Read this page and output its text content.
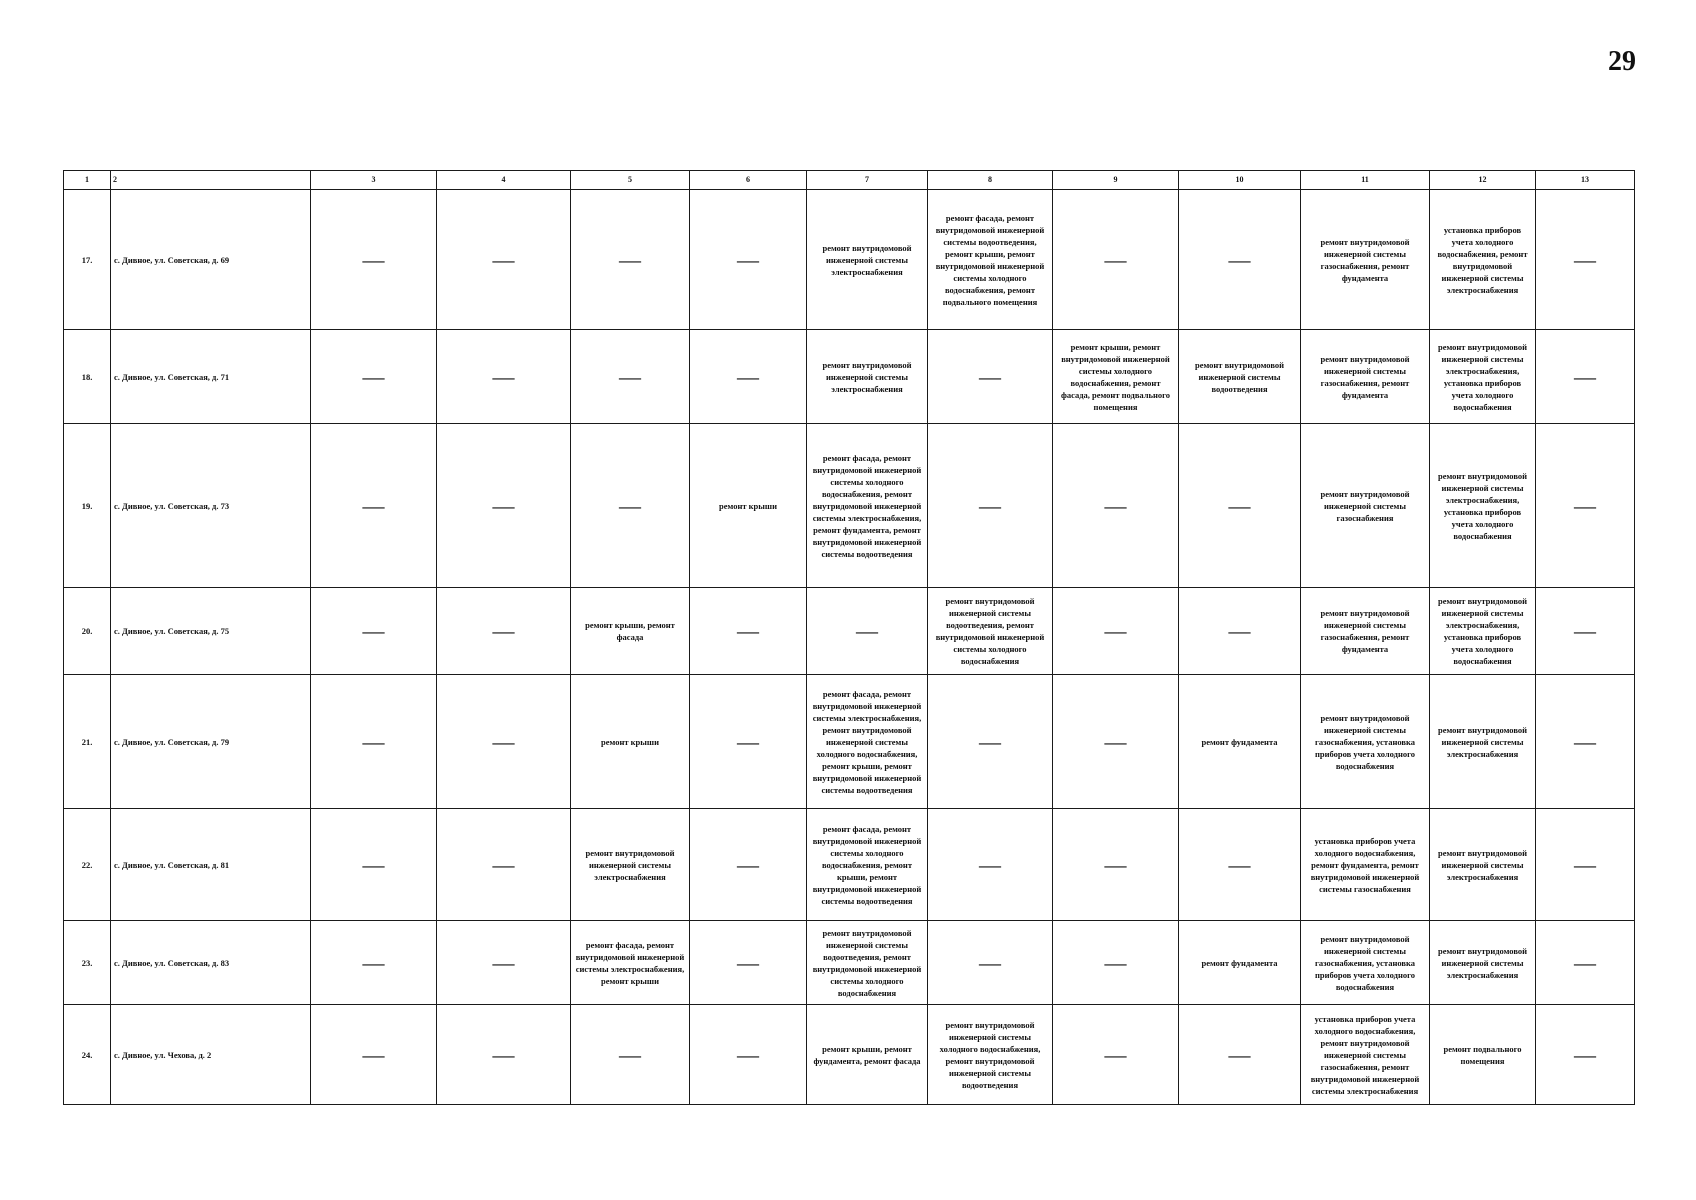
29
1	2	3	4	5	6	7	8	9	10	11	12	13
17.	с. Дивное, ул. Советская, д. 69	—	—	—	—	ремонт внутридомовой инженерной системы электроснабжения	ремонт фасада, ремонт внутридомовой инженерной системы водоотведения, ремонт крыши, ремонт внутридомовой инженерной системы холодного водоснабжения, ремонт подвального помещения	—	—	ремонт внутридомовой инженерной системы газоснабжения, ремонт фундамента	установка приборов учета холодного водоснабжения, ремонт внутридомовой инженерной системы электроснабжения	—
18.	с. Дивное, ул. Советская, д. 71	—	—	—	—	ремонт внутридомовой инженерной системы электроснабжения	—	ремонт крыши, ремонт внутридомовой инженерной системы холодного водоснабжения, ремонт фасада, ремонт подвального помещения	ремонт внутридомовой инженерной системы водоотведения	ремонт внутридомовой инженерной системы газоснабжения, ремонт фундамента	ремонт внутридомовой инженерной системы электроснабжения, установка приборов учета холодного водоснабжения	—
19.	с. Дивное, ул. Советская, д. 73	—	—	—	ремонт крыши	ремонт фасада, ремонт внутридомовой инженерной системы холодного водоснабжения, ремонт внутридомовой инженерной системы электроснабжения, ремонт фундамента, ремонт внутридомовой инженерной системы водоотведения	—	—	—	ремонт внутридомовой инженерной системы газоснабжения	ремонт внутридомовой инженерной системы электроснабжения, установка приборов учета холодного водоснабжения	—
20.	с. Дивное, ул. Советская, д. 75	—	—	ремонт крыши, ремонт фасада	—	—	ремонт внутридомовой инженерной системы водоотведения, ремонт внутридомовой инженерной системы холодного водоснабжения	—	—	ремонт внутридомовой инженерной системы газоснабжения, ремонт фундамента	ремонт внутридомовой инженерной системы электроснабжения, установка приборов учета холодного водоснабжения	—
21.	с. Дивное, ул. Советская, д. 79	—	—	ремонт крыши	—	ремонт фасада, ремонт внутридомовой инженерной системы электроснабжения, ремонт внутридомовой инженерной системы холодного водоснабжения, ремонт крыши, ремонт внутридомовой инженерной системы водоотведения	—	—	ремонт фундамента	ремонт внутридомовой инженерной системы газоснабжения, установка приборов учета холодного водоснабжения	ремонт внутридомовой инженерной системы электроснабжения	—
22.	с. Дивное, ул. Советская, д. 81	—	—	ремонт внутридомовой инженерной системы электроснабжения	—	ремонт фасада, ремонт внутридомовой инженерной системы холодного водоснабжения, ремонт крыши, ремонт внутридомовой инженерной системы водоотведения	—	—	—	установка приборов учета холодного водоснабжения, ремонт фундамента, ремонт внутридомовой инженерной системы газоснабжения	ремонт внутридомовой инженерной системы электроснабжения	—
23.	с. Дивное, ул. Советская, д. 83	—	—	ремонт фасада, ремонт внутридомовой инженерной системы электроснабжения, ремонт крыши	—	ремонт внутридомовой инженерной системы водоотведения, ремонт внутридомовой инженерной системы холодного водоснабжения	—	—	ремонт фундамента	ремонт внутридомовой инженерной системы газоснабжения, установка приборов учета холодного водоснабжения	ремонт внутридомовой инженерной системы электроснабжения	—
24.	с. Дивное, ул. Чехова, д. 2	—	—	—	—	ремонт крыши, ремонт фундамента, ремонт фасада	ремонт внутридомовой инженерной системы холодного водоснабжения, ремонт внутридомовой инженерной системы водоотведения	—	—	установка приборов учета холодного водоснабжения, ремонт внутридомовой инженерной системы газоснабжения, ремонт внутридомовой инженерной системы электроснабжения	ремонт подвального помещения	—
